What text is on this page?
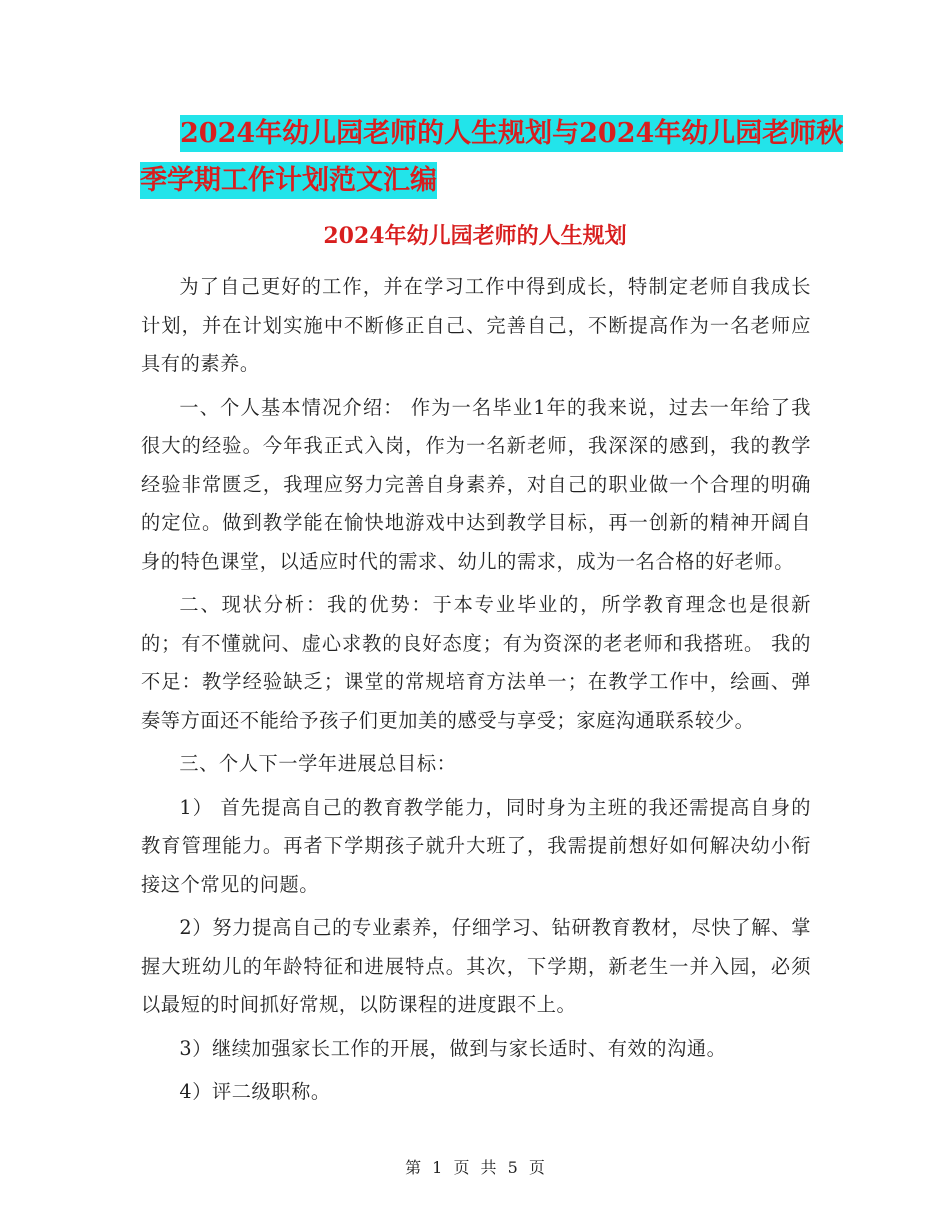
2024年幼儿园老师的人生规划与2024年幼儿园老师秋
季学期工作计划范文汇编
2024年幼儿园老师的人生规划

为了自己更好的工作，并在学习工作中得到成长，特制定老师自我成长计划，并在计划实施中不断修正自己、完善自己，不断提高作为一名老师应具有的素养。

一、个人基本情况介绍： 作为一名毕业1年的我来说，过去一年给了我很大的经验。今年我正式入岗，作为一名新老师，我深深的感到，我的教学经验非常匮乏，我理应努力完善自身素养，对自己的职业做一个合理的明确的定位。做到教学能在愉快地游戏中达到教学目标，再一创新的精神开阔自身的特色课堂，以适应时代的需求、幼儿的需求，成为一名合格的好老师。

二、现状分析：我的优势：于本专业毕业的，所学教育理念也是很新的；有不懂就问、虚心求教的良好态度；有为资深的老老师和我搭班。 我的不足：教学经验缺乏；课堂的常规培育方法单一；在教学工作中，绘画、弹奏等方面还不能给予孩子们更加美的感受与享受；家庭沟通联系较少。

三、个人下一学年进展总目标：

1） 首先提高自己的教育教学能力，同时身为主班的我还需提高自身的教育管理能力。再者下学期孩子就升大班了，我需提前想好如何解决幼小衔接这个常见的问题。

2）努力提高自己的专业素养，仔细学习、钻研教育教材，尽快了解、掌握大班幼儿的年龄特征和进展特点。其次，下学期，新老生一并入园，必须以最短的时间抓好常规，以防课程的进度跟不上。

3）继续加强家长工作的开展，做到与家长适时、有效的沟通。

4）评二级职称。

第 1 页 共 5 页
